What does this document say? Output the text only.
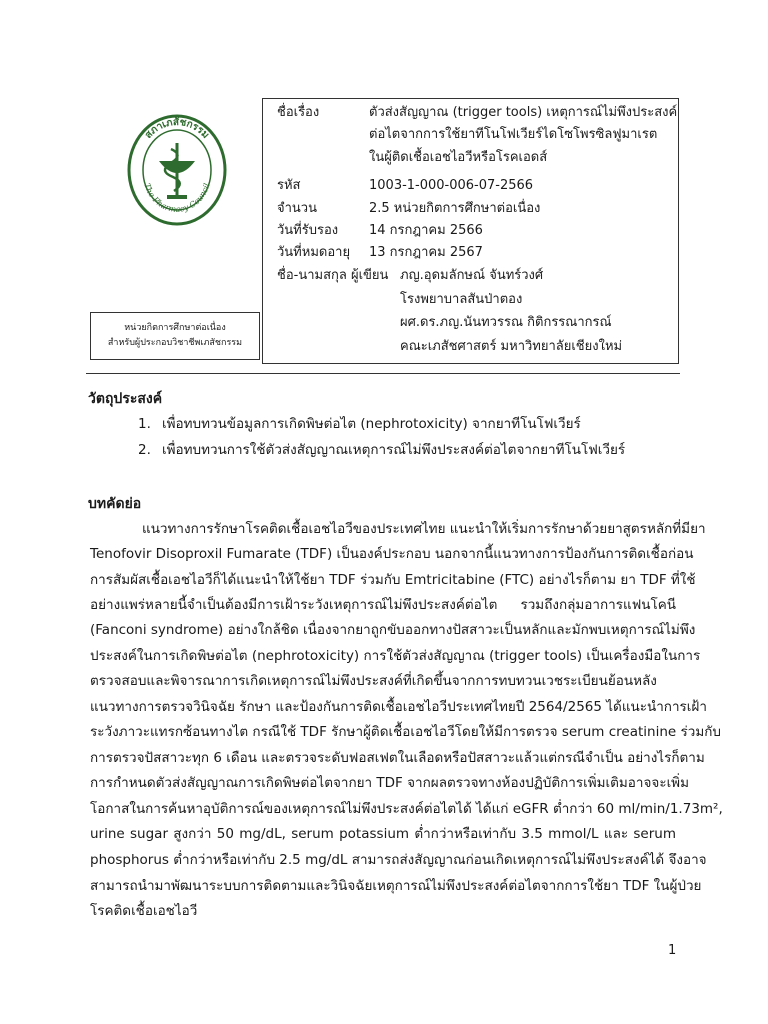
สภาเภสัชกรรม
The Pharmacy Council
หน่วยกิตการศึกษาต่อเนื่อง
สำหรับผู้ประกอบวิชาชีพเภสัชกรรม
ชื่อเรื่อง	ตัวส่งสัญญาณ (trigger tools) เหตุการณ์ไม่พึงประสงค์
ต่อไตจากการใช้ยาทีโนโฟเวียร์ไดโซโพรซิลฟูมาเรต
ในผู้ติดเชื้อเอชไอวีหรือโรคเอดส์
รหัส	1003-1-000-006-07-2566
จำนวน	2.5 หน่วยกิตการศึกษาต่อเนื่อง
วันที่รับรอง 14 กรกฎาคม 2566
วันที่หมดอายุ 13 กรกฎาคม 2567
ชื่อ-นามสกุล ผู้เขียน ภญ.อุดมลักษณ์ จันทร์วงศ์
โรงพยาบาลสันป่าตอง
ผศ.ดร.ภญ.นันทวรรณ กิติกรรณากรณ์
คณะเภสัชศาสตร์ มหาวิทยาลัยเชียงใหม่
วัตถุประสงค์
1. เพื่อทบทวนข้อมูลการเกิดพิษต่อไต (nephrotoxicity) จากยาทีโนโฟเวียร์
2. เพื่อทบทวนการใช้ตัวส่งสัญญาณเหตุการณ์ไม่พึงประสงค์ต่อไตจากยาทีโนโฟเวียร์
บทคัดย่อ
แนวทางการรักษาโรคติดเชื้อเอชไอวีของประเทศไทย แนะนำให้เริ่มการรักษาด้วยยาสูตรหลักที่มียา
Tenofovir Disoproxil Fumarate (TDF) เป็นองค์ประกอบ นอกจากนี้แนวทางการป้องกันการติดเชื้อก่อน
การสัมผัสเชื้อเอชไอวีก็ได้แนะนำให้ใช้ยา TDF ร่วมกับ Emtricitabine (FTC) อย่างไรก็ตาม ยา TDF ที่ใช้
อย่างแพร่หลายนี้จำเป็นต้องมีการเฝ้าระวังเหตุการณ์ไม่พึงประสงค์ต่อไต รวมถึงกลุ่มอาการแฟนโคนี
(Fanconi syndrome) อย่างใกล้ชิด เนื่องจากยาถูกขับออกทางปัสสาวะเป็นหลักและมักพบเหตุการณ์ไม่พึง
ประสงค์ในการเกิดพิษต่อไต (nephrotoxicity) การใช้ตัวส่งสัญญาณ (trigger tools) เป็นเครื่องมือในการ
ตรวจสอบและพิจารณาการเกิดเหตุการณ์ไม่พึงประสงค์ที่เกิดขึ้นจากการทบทวนเวชระเบียนย้อนหลัง
แนวทางการตรวจวินิจฉัย รักษา และป้องกันการติดเชื้อเอชไอวีประเทศไทยปี 2564/2565 ได้แนะนำการเฝ้า
ระวังภาวะแทรกซ้อนทางไต กรณีใช้ TDF รักษาผู้ติดเชื้อเอชไอวีโดยให้มีการตรวจ serum creatinine ร่วมกับ
การตรวจปัสสาวะทุก 6 เดือน และตรวจระดับฟอสเฟตในเลือดหรือปัสสาวะแล้วแต่กรณีจำเป็น อย่างไรก็ตาม
การกำหนดตัวส่งสัญญาณการเกิดพิษต่อไตจากยา TDF จากผลตรวจทางห้องปฏิบัติการเพิ่มเติมอาจจะเพิ่ม
โอกาสในการค้นหาอุบัติการณ์ของเหตุการณ์ไม่พึงประสงค์ต่อไตได้ ได้แก่ eGFR ต่ำกว่า 60 ml/min/1.73m²,
urine sugar สูงกว่า 50 mg/dL, serum potassium ต่ำกว่าหรือเท่ากับ 3.5 mmol/L และ serum
phosphorus ต่ำกว่าหรือเท่ากับ 2.5 mg/dL สามารถส่งสัญญาณก่อนเกิดเหตุการณ์ไม่พึงประสงค์ได้ จึงอาจ
สามารถนำมาพัฒนาระบบการติดตามและวินิจฉัยเหตุการณ์ไม่พึงประสงค์ต่อไตจากการใช้ยา TDF ในผู้ป่วย
โรคติดเชื้อเอชไอวี
1
